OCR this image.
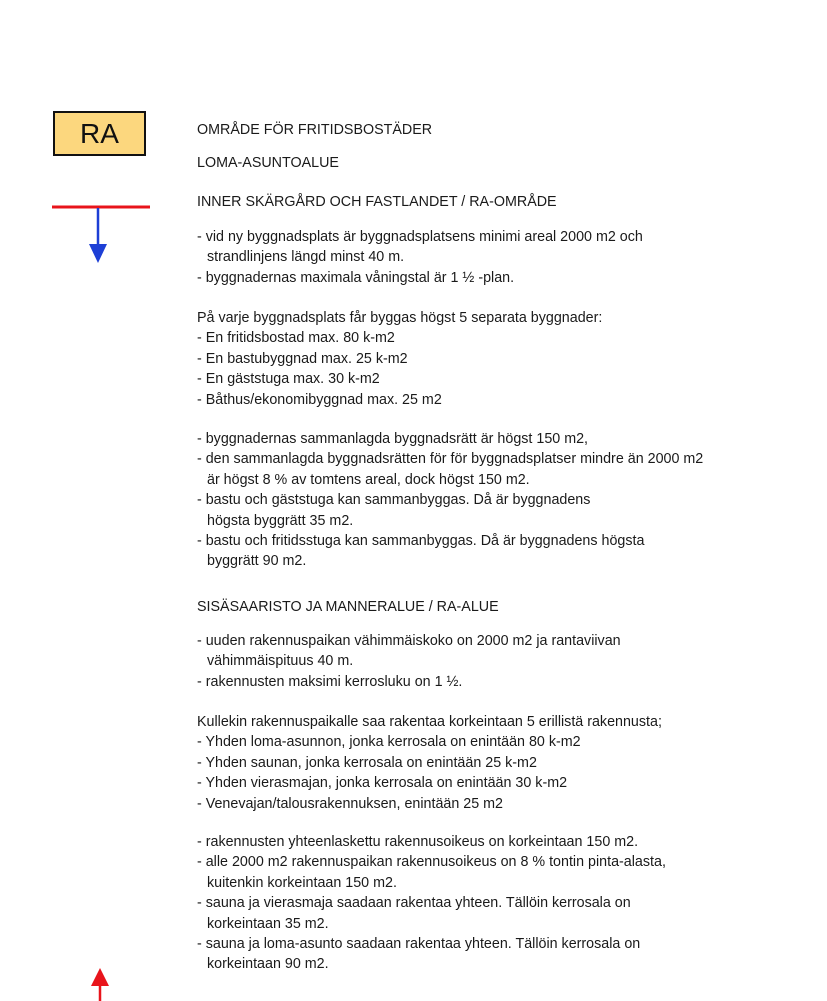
RA	OMRÅDE FÖR FRITIDSBOSTÄDER
LOMA-ASUNTOALUE
INNER SKÄRGÅRD OCH FASTLANDET / RA-OMRÅDE
- vid ny byggnadsplats är byggnadsplatsens minimi areal 2000 m2 och
strandlinjens längd minst 40 m.
- byggnadernas maximala våningstal är 1 ½ -plan.
På varje byggnadsplats får byggas högst 5 separata byggnader:
- En fritidsbostad max. 80 k-m2
- En bastubyggnad max. 25 k-m2
- En gäststuga max. 30 k-m2
- Båthus/ekonomibyggnad max. 25 m2
- byggnadernas sammanlagda byggnadsrätt är högst 150 m2,
- den sammanlagda byggnadsrätten för för byggnadsplatser mindre än 2000 m2
är högst 8 % av tomtens areal, dock högst 150 m2.
- bastu och gäststuga kan sammanbyggas. Då är byggnadens
högsta byggrätt 35 m2.
- bastu och fritidsstuga kan sammanbyggas. Då är byggnadens högsta
byggrätt 90 m2.
SISÄSAARISTO JA MANNERALUE / RA-ALUE
- uuden rakennuspaikan vähimmäiskoko on 2000 m2 ja rantaviivan
vähimmäispituus 40 m.
- rakennusten maksimi kerrosluku on 1 ½.
Kullekin rakennuspaikalle saa rakentaa korkeintaan 5 erillistä rakennusta;
- Yhden loma-asunnon, jonka kerrosala on enintään 80 k-m2
- Yhden saunan, jonka kerrosala on enintään 25 k-m2
- Yhden vierasmajan, jonka kerrosala on enintään 30 k-m2
- Venevajan/talousrakennuksen, enintään 25 m2
- rakennusten yhteenlaskettu rakennusoikeus on korkeintaan 150 m2.
- alle 2000 m2 rakennuspaikan rakennusoikeus on 8 % tontin pinta-alasta,
kuitenkin korkeintaan 150 m2.
- sauna ja vierasmaja saadaan rakentaa yhteen. Tällöin kerrosala on
korkeintaan 35 m2.
- sauna ja loma-asunto saadaan rakentaa yhteen. Tällöin kerrosala on
korkeintaan 90 m2.
